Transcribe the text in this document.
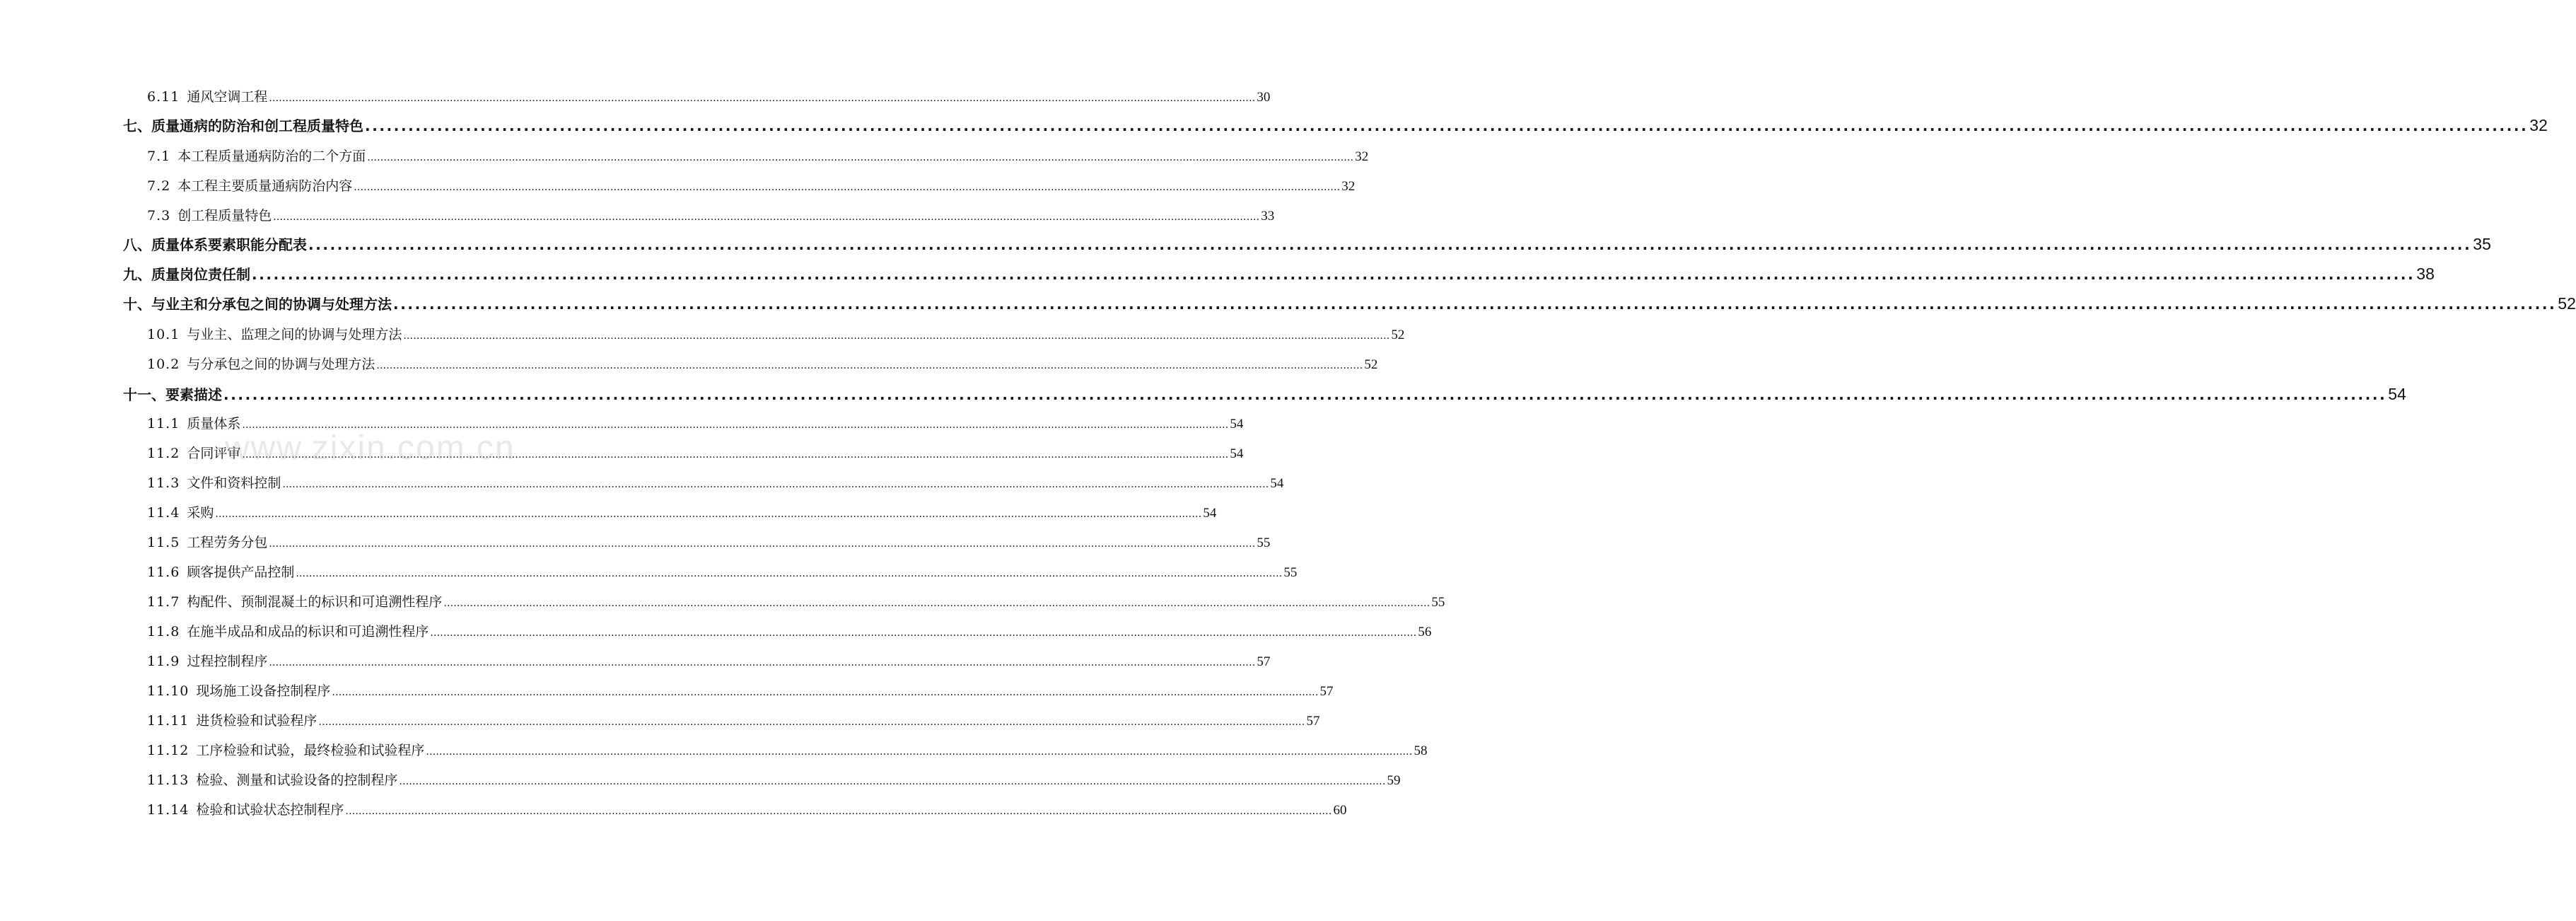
6.11 通风空调工程 ............................................................................................................................................................................................................................................................................................................ 30
七、质量通病的防治和创工程质量特色 ............................................................................................................................................................................................................................................................................................................ 32
7.1 本工程质量通病防治的二个方面 ............................................................................................................................................................................................................................................................................................................ 32
7.2 本工程主要质量通病防治内容 ............................................................................................................................................................................................................................................................................................................ 32
7.3 创工程质量特色 ............................................................................................................................................................................................................................................................................................................ 33
八、质量体系要素职能分配表 ............................................................................................................................................................................................................................................................................................................ 35
九、质量岗位责任制 ............................................................................................................................................................................................................................................................................................................ 38
十、与业主和分承包之间的协调与处理方法 ............................................................................................................................................................................................................................................................................................................ 52
10.1 与业主、监理之间的协调与处理方法 ............................................................................................................................................................................................................................................................................................................ 52
10.2 与分承包之间的协调与处理方法 ............................................................................................................................................................................................................................................................................................................ 52
十一、要素描述 ............................................................................................................................................................................................................................................................................................................ 54
11.1 质量体系 ............................................................................................................................................................................................................................................................................................................ 54
11.2 合同评审 ............................................................................................................................................................................................................................................................................................................ 54
11.3 文件和资料控制 ............................................................................................................................................................................................................................................................................................................ 54
11.4 采购 ............................................................................................................................................................................................................................................................................................................ 54
11.5 工程劳务分包 ............................................................................................................................................................................................................................................................................................................ 55
11.6 顾客提供产品控制 ............................................................................................................................................................................................................................................................................................................ 55
11.7 构配件、预制混凝土的标识和可追溯性程序 ............................................................................................................................................................................................................................................................................................................ 55
11.8 在施半成品和成品的标识和可追溯性程序 ............................................................................................................................................................................................................................................................................................................ 56
11.9 过程控制程序 ............................................................................................................................................................................................................................................................................................................ 57
11.10 现场施工设备控制程序 ............................................................................................................................................................................................................................................................................................................ 57
11.11 进货检验和试验程序 ............................................................................................................................................................................................................................................................................................................ 57
11.12 工序检验和试验，最终检验和试验程序 ............................................................................................................................................................................................................................................................................................................ 58
11.13 检验、测量和试验设备的控制程序 ............................................................................................................................................................................................................................................................................................................ 59
11.14 检验和试验状态控制程序 ............................................................................................................................................................................................................................................................................................................ 60
www.zixin.com.cn
